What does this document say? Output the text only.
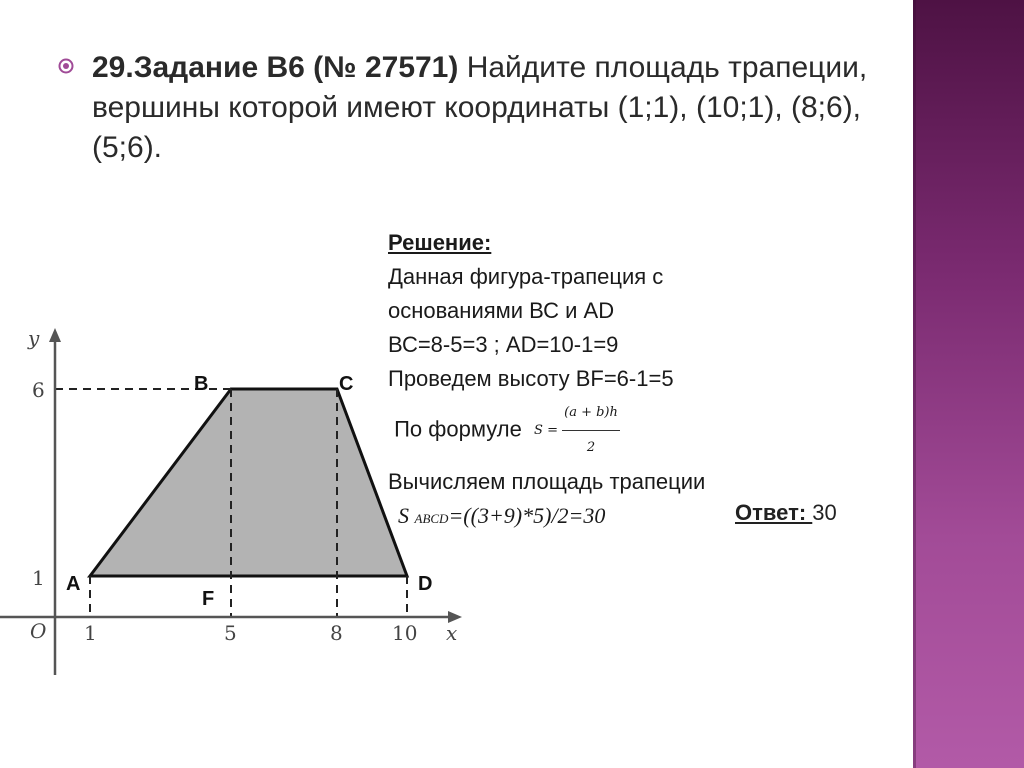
29.Задание В6 (№ 27571) Найдите площадь трапеции, вершины которой имеют координаты (1;1), (10;1), (8;6), (5;6).
Решение:
Данная фигура-трапеция с
основаниями ВС и AD
ВС=8-5=3 ; AD=10-1=9
Проведем высоту BF=6-1=5
По формуле  $S = \frac{(a + b)h}{2}$
Вычисляем площадь трапеции
S ABCD=((3+9)*5)/2=30	Ответ: 30
y
x
O
6
1
1	5	8 10
A
B	C
D
F
